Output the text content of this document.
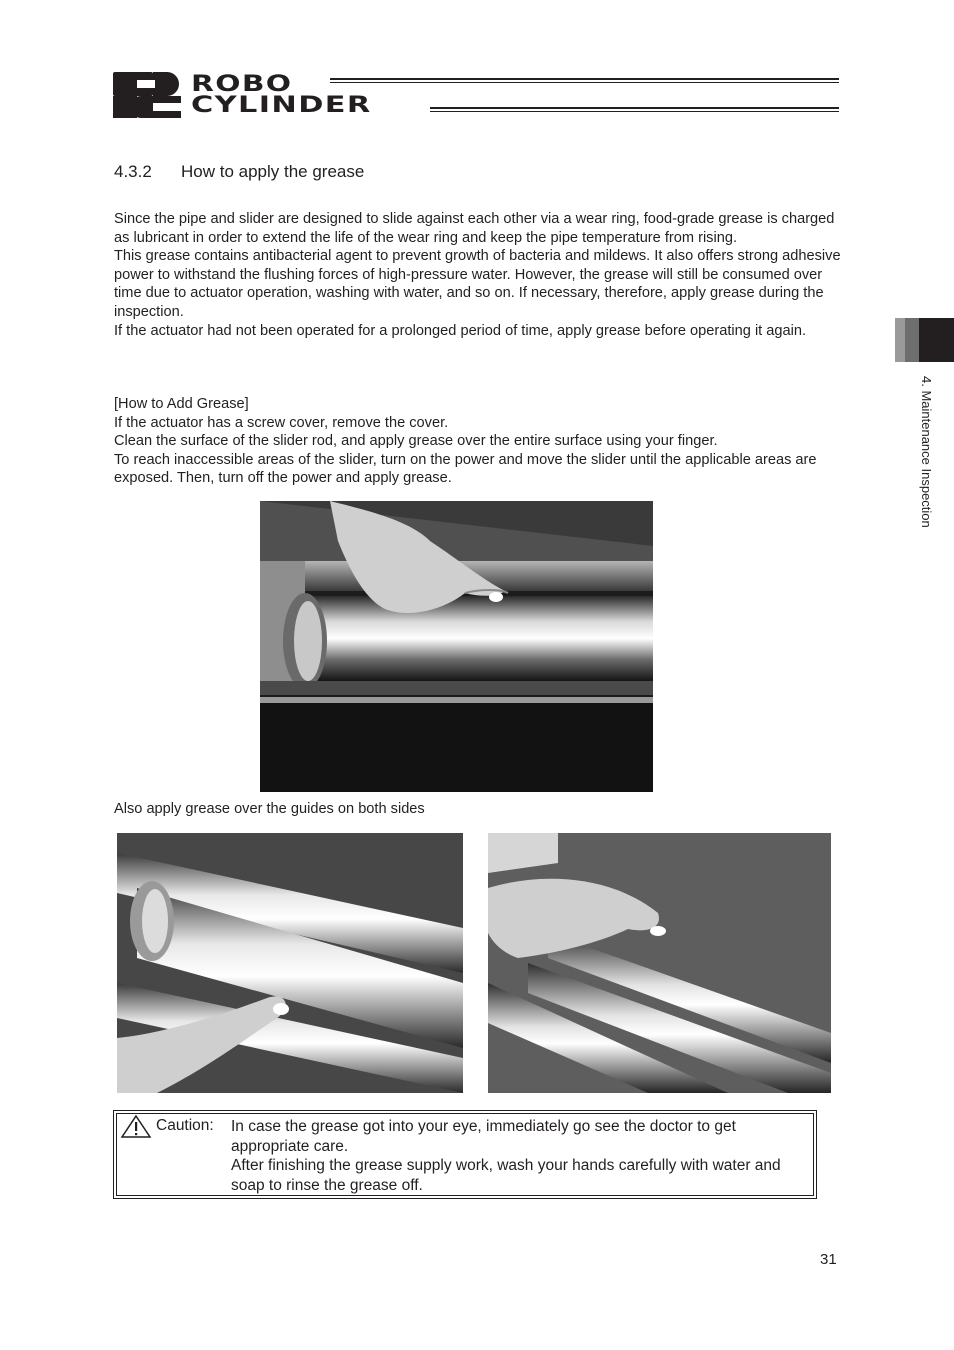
ROBO
CYLINDER
4.3.2 How to apply the grease

Since the pipe and slider are designed to slide against each other via a wear ring, food-grade grease is charged as lubricant in order to extend the life of the wear ring and keep the pipe temperature from rising.

This grease contains antibacterial agent to prevent growth of bacteria and mildews. It also offers strong adhesive power to withstand the flushing forces of high-pressure water. However, the grease will still be consumed over time due to actuator operation, washing with water, and so on. If necessary, therefore, apply grease during the inspection.

If the actuator had not been operated for a prolonged period of time, apply grease before operating it again.

[How to Add Grease]

If the actuator has a screw cover, remove the cover.

Clean the surface of the slider rod, and apply grease over the entire surface using your finger.

To reach inaccessible areas of the slider, turn on the power and move the slider until the applicable areas are exposed. Then, turn off the power and apply grease.

Also apply grease over the guides on both sides
Caution: In case the grease got into your eye, immediately go see the doctor to get appropriate care.

After finishing the grease supply work, wash your hands carefully with water and soap to rinse the grease off.

4. Maintenance Inspection
31
